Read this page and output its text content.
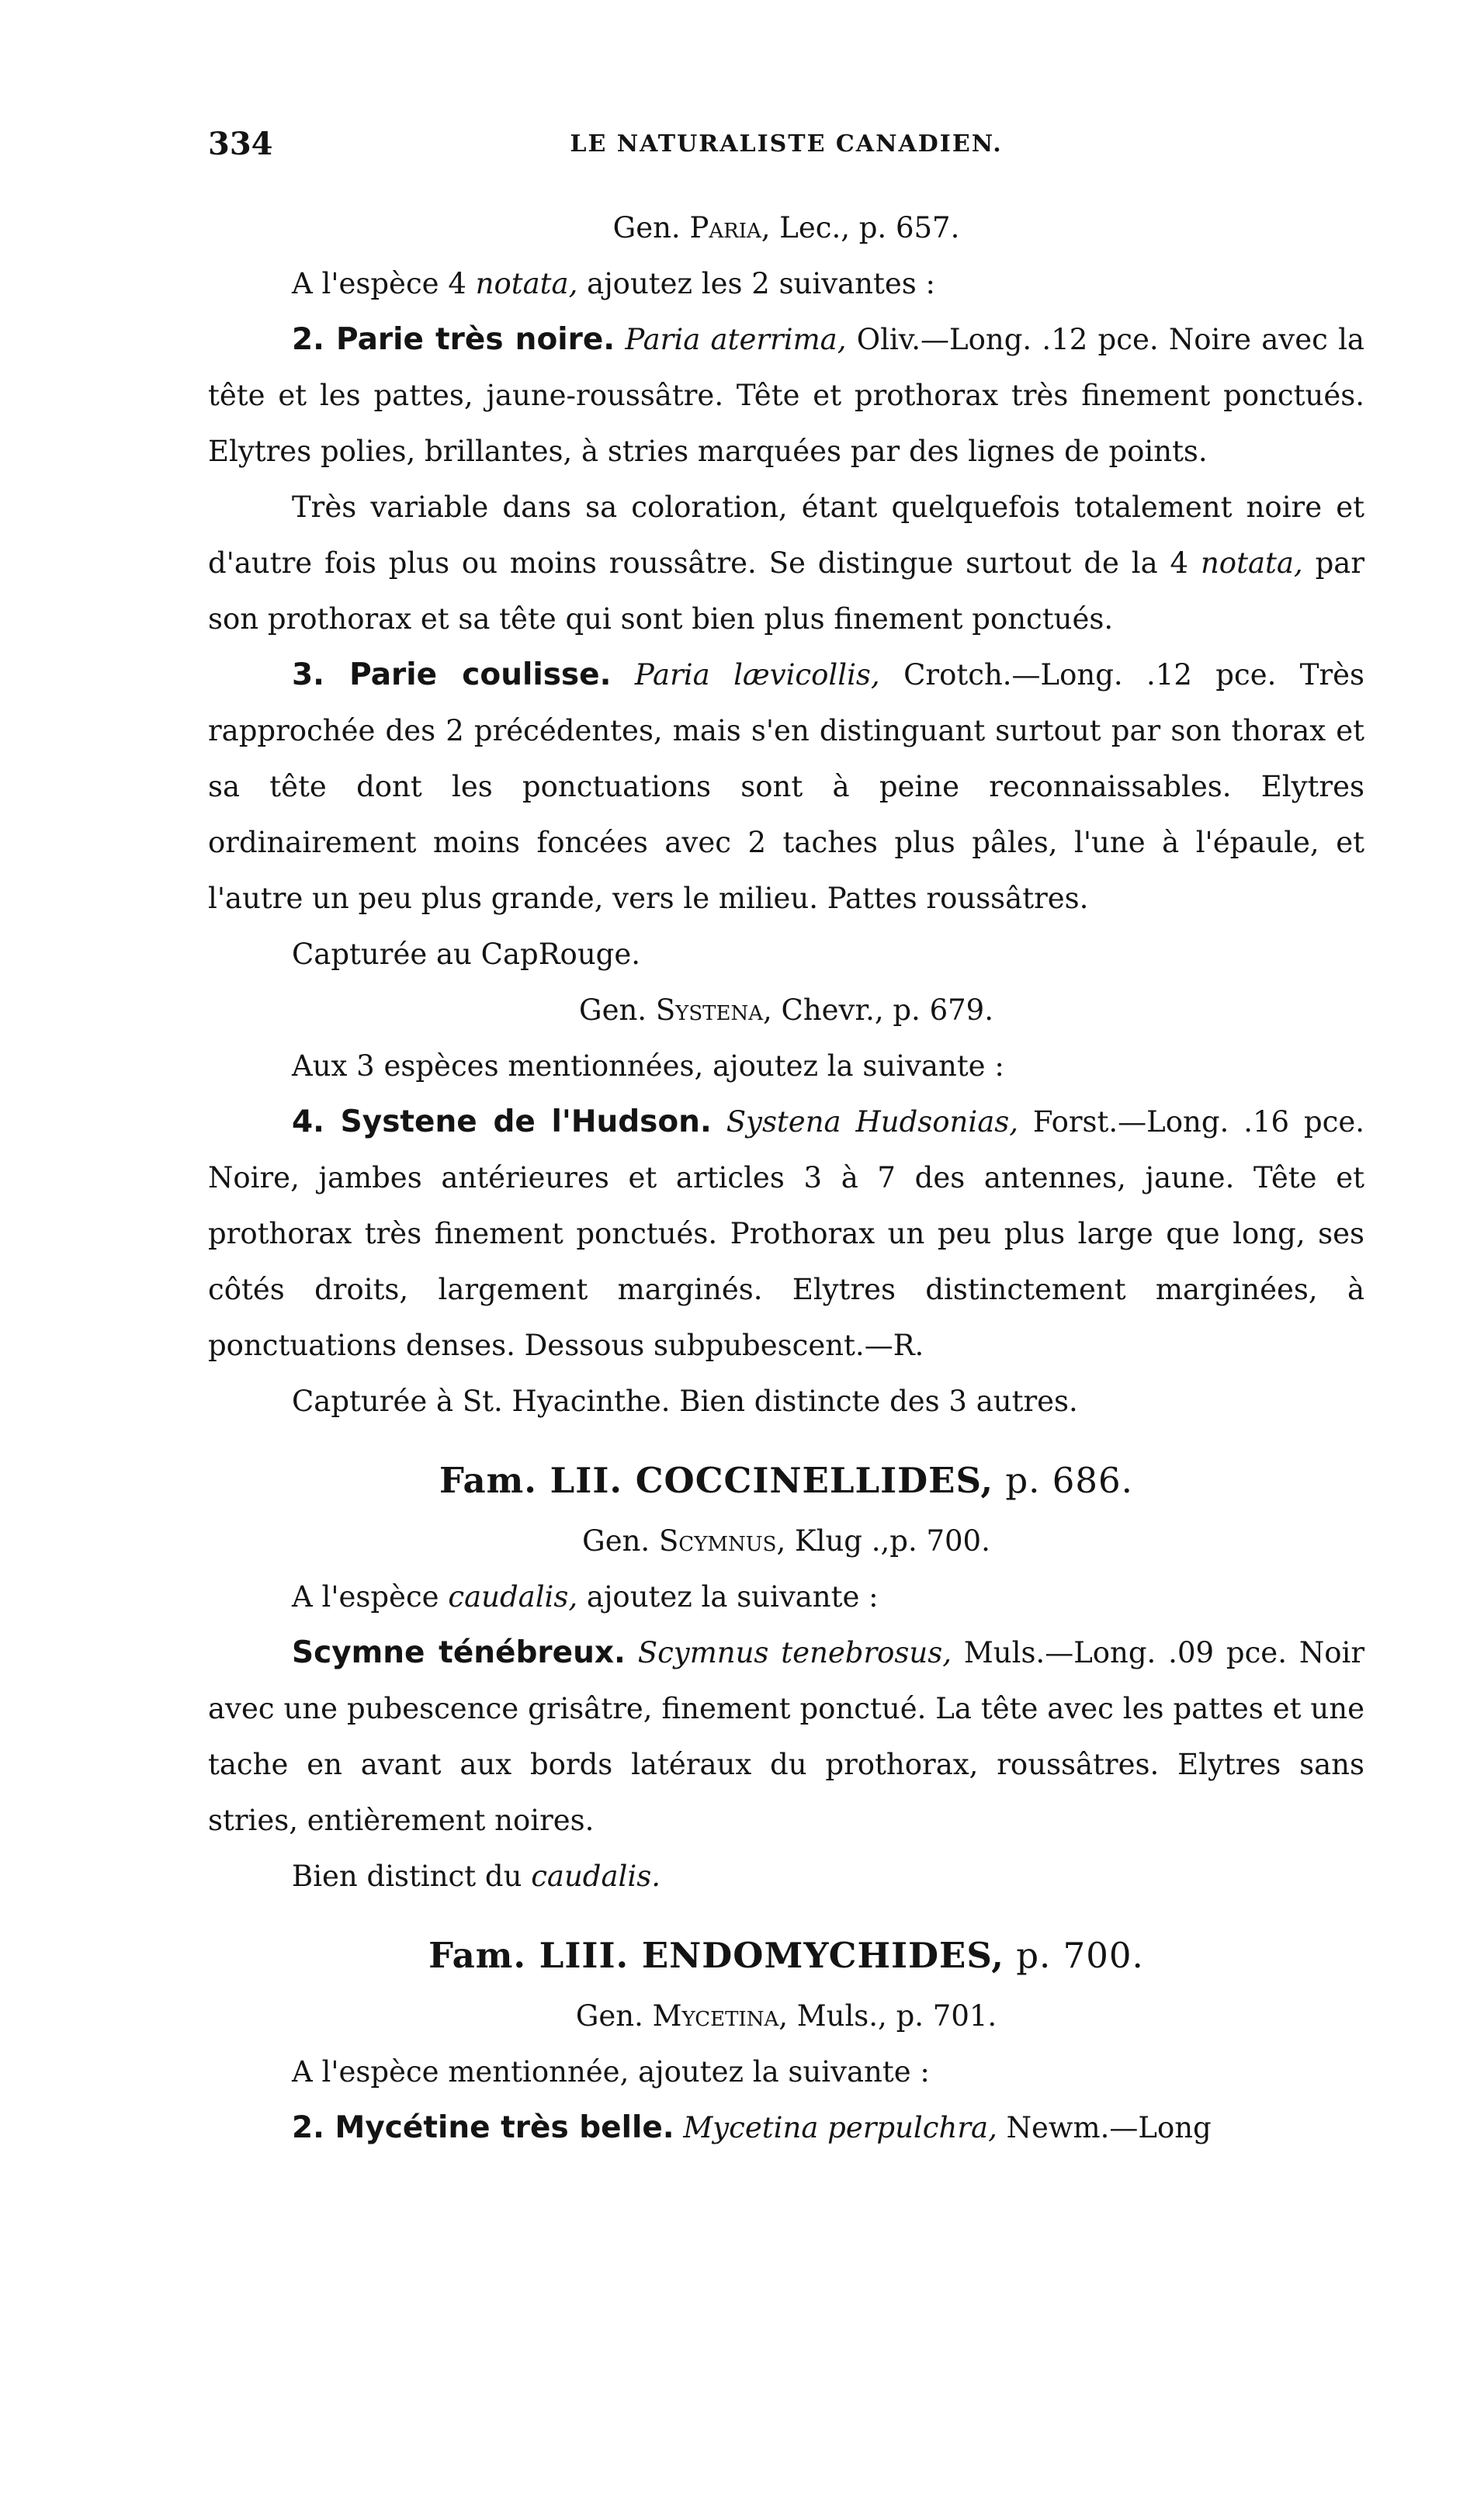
334	LE NATURALISTE CANADIEN.

Gen. Paria, Lec., p. 657.

A l'espèce 4 notata, ajoutez les 2 suivantes :

2. Parie très noire. Paria aterrima, Oliv.—Long. .12 pce. Noire avec la tête et les pattes, jaune-roussâtre. Tête et prothorax très finement ponctués. Elytres polies, brillantes, à stries marquées par des lignes de points.

Très variable dans sa coloration, étant quelquefois totalement noire et d'autre fois plus ou moins roussâtre. Se distingue surtout de la 4 notata, par son prothorax et sa tête qui sont bien plus finement ponctués.

3. Parie coulisse. Paria lævicollis, Crotch.—Long. .12 pce. Très rapprochée des 2 précédentes, mais s'en distinguant surtout par son thorax et sa tête dont les ponctuations sont à peine reconnaissables. Elytres ordinairement moins foncées avec 2 taches plus pâles, l'une à l'épaule, et l'autre un peu plus grande, vers le milieu. Pattes roussâtres.

Capturée au CapRouge.

Gen. Systena, Chevr., p. 679.

Aux 3 espèces mentionnées, ajoutez la suivante :

4. Systene de l'Hudson. Systena Hudsonias, Forst.—Long. .16 pce. Noire, jambes antérieures et articles 3 à 7 des antennes, jaune. Tête et prothorax très finement ponctués. Prothorax un peu plus large que long, ses côtés droits, largement marginés. Elytres distinctement marginées, à ponctuations denses. Dessous subpubescent.—R.

Capturée à St. Hyacinthe. Bien distincte des 3 autres.

Fam. LII. COCCINELLIDES, p. 686.

Gen. Scymnus, Klug .,p. 700.

A l'espèce caudalis, ajoutez la suivante :

Scymne ténébreux. Scymnus tenebrosus, Muls.—Long. .09 pce. Noir avec une pubescence grisâtre, finement ponctué. La tête avec les pattes et une tache en avant aux bords latéraux du prothorax, roussâtres. Elytres sans stries, entièrement noires.

Bien distinct du caudalis.

Fam. LIII. ENDOMYCHIDES, p. 700.

Gen. Mycetina, Muls., p. 701.

A l'espèce mentionnée, ajoutez la suivante :

2. Mycétine très belle. Mycetina perpulchra, Newm.—Long
